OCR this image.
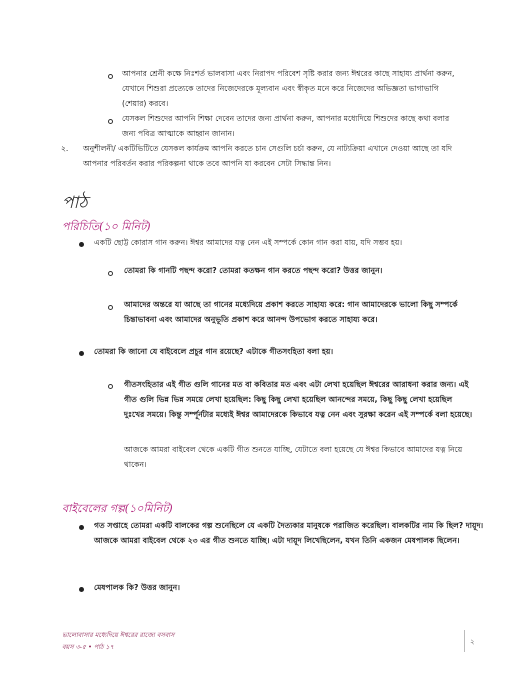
আপনার শ্রেনী কক্ষে নিঃশর্ত ভালবাসা এবং নিরাপদ পরিবেশ সৃষ্টি করার জন্য ঈশ্বরের কাছে সাহায্য প্রার্থনা করুন, যেখানে শিশুরা প্রত্যেকে তাদের নিজেদেরকে মূল্যবান এবং স্বীকৃত মনে করে নিজেদের অভিজ্ঞতা ভাগাভাগি (শেয়ার) করবে।

যেসকল শিশুদের আপনি শিক্ষা দেবেন তাদের জন্য প্রার্থনা করুন, আপনার মধ্যেদিয়ে শিশুদের কাছে কথা বলার জন্য পবিত্র আত্মাকে আহ্বান জানান।

২. অনুশীলনী/ একটিভিটিতে যেসকল কার্যক্রম আপনি করতে চান সেগুলি চর্চা করুন, যে নাট্যক্রিয়া এখানে দেওয়া আছে তা যদি আপনার পরিবর্তন করার পরিকল্পনা থাকে তবে আপনি যা করবেন সেটা সিদ্ধান্ত নিন।

পাঠ
পরিচিতি(১০ মিনিট)

একটি ছোট্ট কোরাস গান করুন। ঈশ্বর আমাদের যত্ন নেন এই সম্পর্কে কোন গান করা যায়, যদি সম্ভব হয়।

তোমরা কি গানটি পছন্দ করো? তোমরা কতক্ষন গান করতে পছন্দ করো? উত্তর জানুন।

আমাদের অন্তরে যা আছে তা গানের মধ্যেদিয়ে প্রকাশ করতে সাহায্য করে: গান আমাদেরকে ভালো কিছু সম্পর্কে চিন্তাভাবনা এবং আমাদের অনুভূতি প্রকাশ করে আনন্দ উপভোগ করতে সাহায্য করে।

তোমরা কি জানো যে বাইবেলে প্রচুর গান রয়েছে? এটাকে গীতসংহিতা বলা হয়।

গীতসংহিতার এই গীত গুলি গানের মত বা কবিতার মত এবং এটা লেখা হয়েছিল ঈশ্বরের আরাধনা করার জন্য। এই গীত গুলি ভিন্ন ভিন্ন সময়ে লেখা হয়েছিল: কিছু কিছু লেখা হয়েছিল আনন্দের সময়ে, কিছু কিছু লেখা হয়েছিল দুঃখের সময়ে। কিন্তু সর্ম্পূর্নটার মধ্যেই ঈশ্বর আমাদেরকে কিভাবে যত্ন নেন এবং সুরক্ষা করেন এই সম্পর্কে বলা হয়েছে।

আজকে আমরা বাইবেল থেকে একটি গীত শুনতে যাচ্ছি, যেটাতে বলা হয়েছে যে ঈশ্বর কিভাবে আমাদের যত্ন নিয়ে থাকেন।

বাইবেলের গল্প(১০মিনিট)

গত সপ্তাহে তোমরা একটি বালকের গল্প শুনেছিলে যে একটি দৈত্যকার মানুষকে পরাজিত করেছিল। বালকটির নাম কি ছিল? দায়ূদ। আজকে আমরা বাইবেল থেকে ২৩ এর গীত শুনতে যাচ্ছি। এটা দায়ূদ লিখেছিলেন, যখন তিনি একজন মেষপালক ছিলেন।

মেষপালক কি? উত্তর জানুন।

ভালোবাসার মধ্যেদিয়ে ঈশ্বরের রাজ্যে বসবাস
বয়স ৩-৫ • পাঠ ১৭
২
